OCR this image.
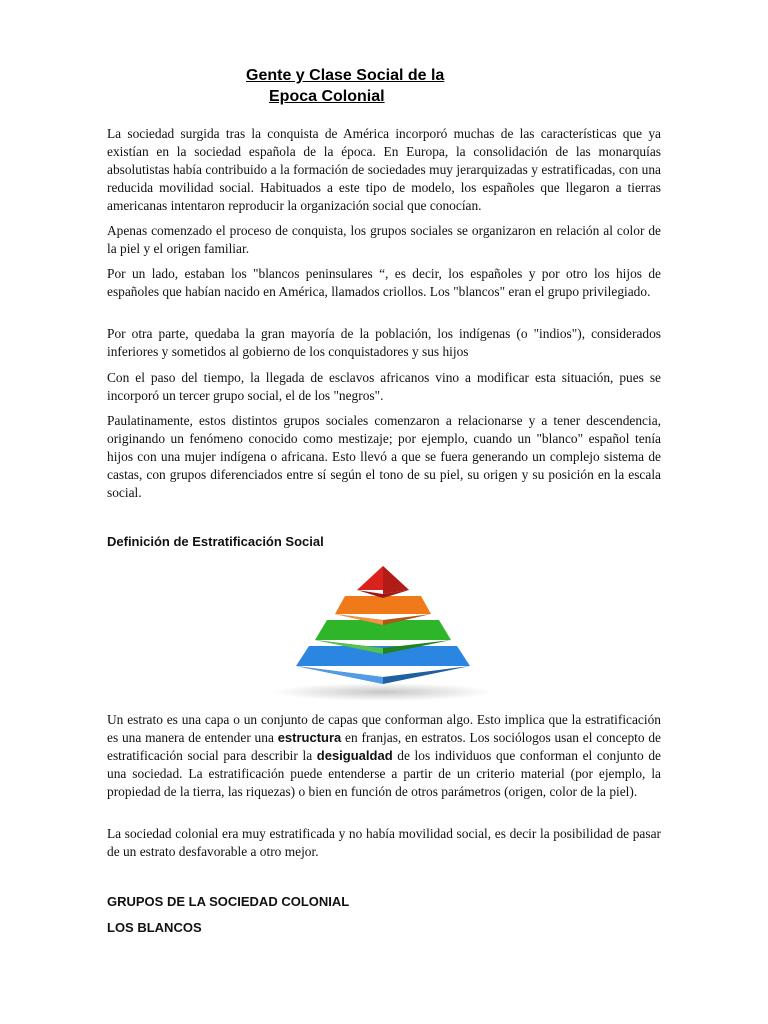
Gente y Clase Social de la
Epoca Colonial

La sociedad surgida tras la conquista de América incorporó muchas de las características que ya existían en la sociedad española de la época. En Europa, la consolidación de las monarquías absolutistas había contribuido a la formación de sociedades muy jerarquizadas y estratificadas, con una reducida movilidad social. Habituados a este tipo de modelo, los españoles que llegaron a tierras americanas intentaron reproducir la organización social que conocían.

Apenas comenzado el proceso de conquista, los grupos sociales se organizaron en relación al color de la piel y el origen familiar.

Por un lado, estaban los "blancos peninsulares “, es decir, los españoles y por otro los hijos de españoles que habían nacido en América, llamados criollos. Los "blancos" eran el grupo privilegiado.

Por otra parte, quedaba la gran mayoría de la población, los indígenas (o "indios"), considerados inferiores y sometidos al gobierno de los conquistadores y sus hijos

Con el paso del tiempo, la llegada de esclavos africanos vino a modificar esta situación, pues se incorporó un tercer grupo social, el de los "negros".

Paulatinamente, estos distintos grupos sociales comenzaron a relacionarse y a tener descendencia, originando un fenómeno conocido como mestizaje; por ejemplo, cuando un "blanco" español tenía hijos con una mujer indígena o africana. Esto llevó a que se fuera generando un complejo sistema de castas, con grupos diferenciados entre sí según el tono de su piel, su origen y su posición en la escala social.

Definición de Estratificación Social

Un estrato es una capa o un conjunto de capas que conforman algo. Esto implica que la estratificación es una manera de entender una estructura en franjas, en estratos. Los sociólogos usan el concepto de estratificación social para describir la desigualdad de los individuos que conforman el conjunto de una sociedad. La estratificación puede entenderse a partir de un criterio material (por ejemplo, la propiedad de la tierra, las riquezas) o bien en función de otros parámetros (origen, color de la piel).

La sociedad colonial era muy estratificada y no había movilidad social, es decir la posibilidad de pasar de un estrato desfavorable a otro mejor.

GRUPOS DE LA SOCIEDAD COLONIAL
LOS BLANCOS
